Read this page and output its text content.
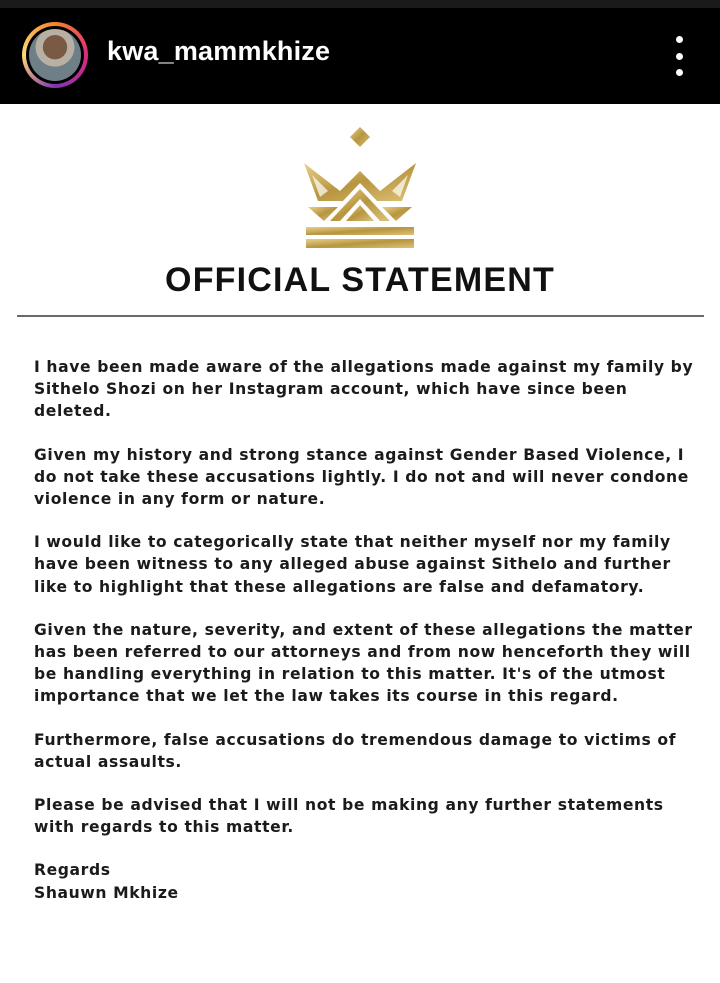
kwa_mammkhize
OFFICIAL STATEMENT

I have been made aware of the allegations made against my family by Sithelo Shozi on her Instagram account, which have since been deleted.

Given my history and strong stance against Gender Based Violence, I do not take these accusations lightly. I do not and will never condone violence in any form or nature.

I would like to categorically state that neither myself nor my family have been witness to any alleged abuse against Sithelo and further like to highlight that these allegations are false and defamatory.

Given the nature, severity, and extent of these allegations the matter has been referred to our attorneys and from now henceforth they will be handling everything in relation to this matter. It's of the utmost importance that we let the law takes its course in this regard.

Furthermore, false accusations do tremendous damage to victims of actual assaults.

Please be advised that I will not be making any further statements with regards to this matter.

Regards

Shauwn Mkhize
